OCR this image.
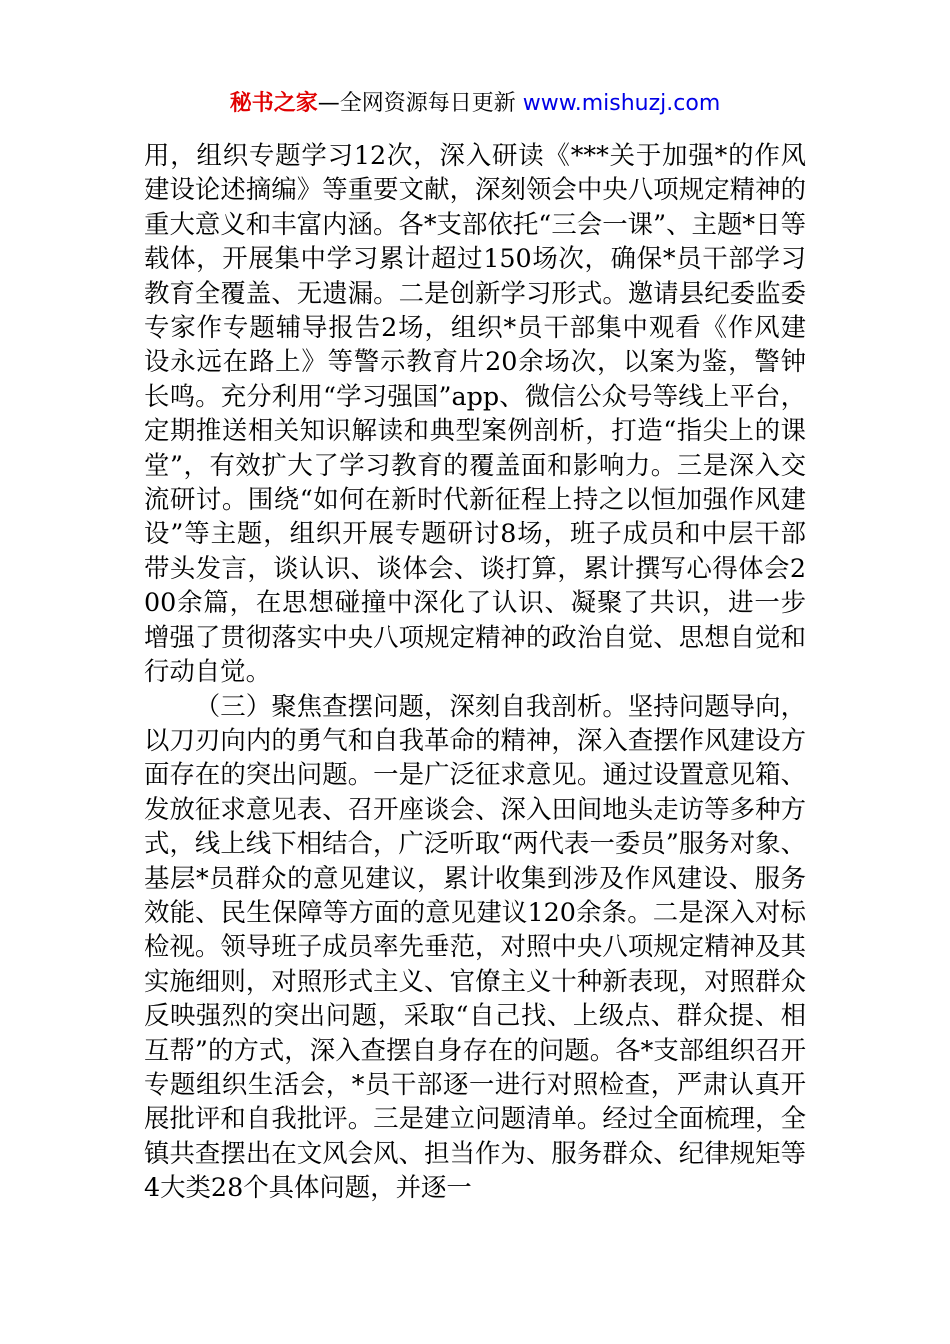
秘书之家—全网资源每日更新 www.mishuzj.com

用，组织专题学习12次，深入研读《***关于加强*的作风建设论述摘编》等重要文献，深刻领会中央八项规定精神的重大意义和丰富内涵。各*支部依托“三会一课”、主题*日等载体，开展集中学习累计超过150场次，确保*员干部学习教育全覆盖、无遗漏。二是创新学习形式。邀请县纪委监委专家作专题辅导报告2场，组织*员干部集中观看《作风建设永远在路上》等警示教育片20余场次，以案为鉴，警钟长鸣。充分利用“学习强国”app、微信公众号等线上平台，定期推送相关知识解读和典型案例剖析，打造“指尖上的课堂”，有效扩大了学习教育的覆盖面和影响力。三是深入交流研讨。围绕“如何在新时代新征程上持之以恒加强作风建设”等主题，组织开展专题研讨8场，班子成员和中层干部带头发言，谈认识、谈体会、谈打算，累计撰写心得体会200余篇，在思想碰撞中深化了认识、凝聚了共识，进一步增强了贯彻落实中央八项规定精神的政治自觉、思想自觉和行动自觉。

（三）聚焦查摆问题，深刻自我剖析。坚持问题导向，以刀刃向内的勇气和自我革命的精神，深入查摆作风建设方面存在的突出问题。一是广泛征求意见。通过设置意见箱、发放征求意见表、召开座谈会、深入田间地头走访等多种方式，线上线下相结合，广泛听取“两代表一委员”服务对象、基层*员群众的意见建议，累计收集到涉及作风建设、服务效能、民生保障等方面的意见建议120余条。二是深入对标检视。领导班子成员率先垂范，对照中央八项规定精神及其实施细则，对照形式主义、官僚主义十种新表现，对照群众反映强烈的突出问题，采取“自己找、上级点、群众提、相互帮”的方式，深入查摆自身存在的问题。各*支部组织召开专题组织生活会，*员干部逐一进行对照检查，严肃认真开展批评和自我批评。三是建立问题清单。经过全面梳理，全镇共查摆出在文风会风、担当作为、服务群众、纪律规矩等4大类28个具体问题，并逐一
